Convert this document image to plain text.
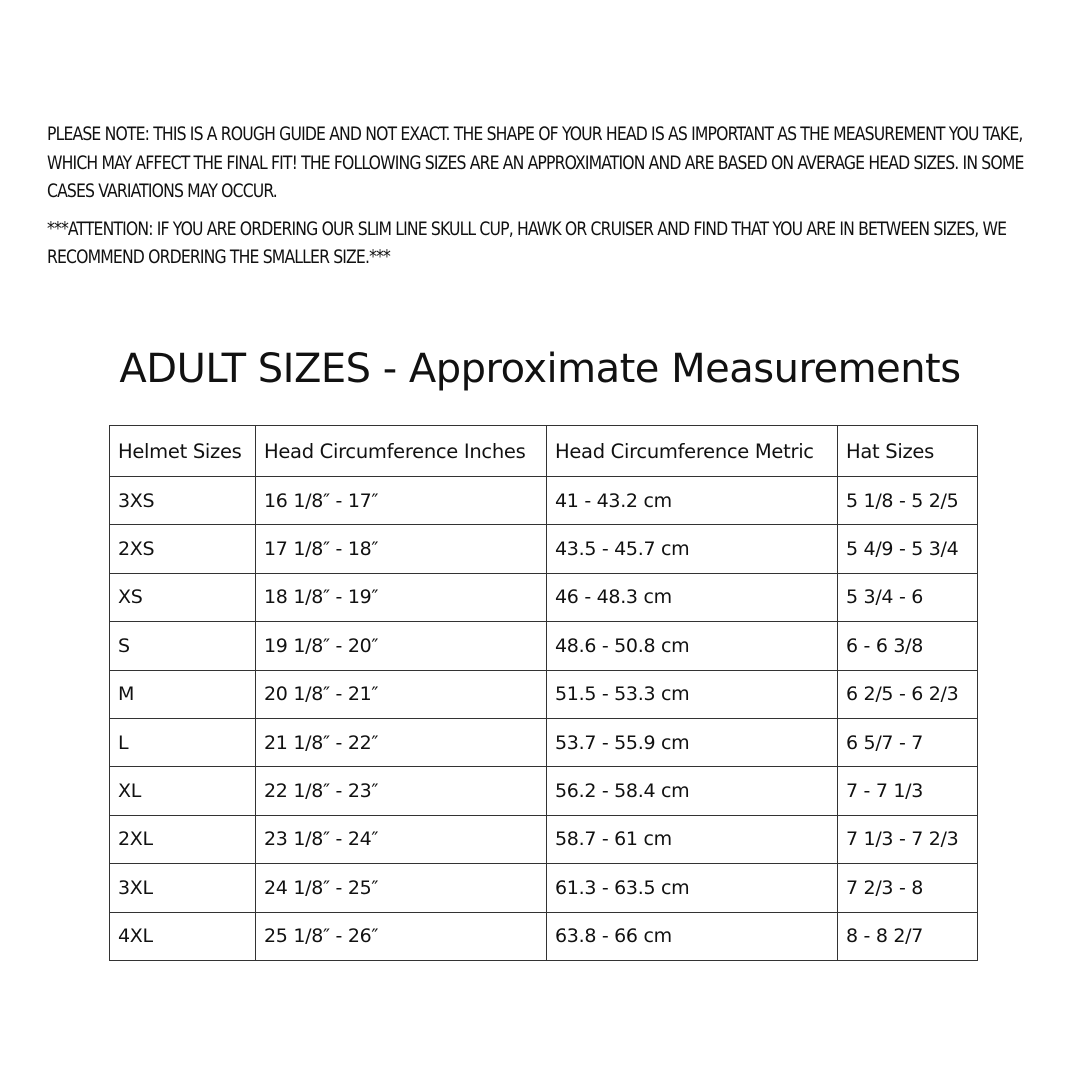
PLEASE NOTE: THIS IS A ROUGH GUIDE AND NOT EXACT. THE SHAPE OF YOUR HEAD IS AS IMPORTANT AS THE MEASUREMENT YOU TAKE, WHICH MAY AFFECT THE FINAL FIT! THE FOLLOWING SIZES ARE AN APPROXIMATION AND ARE BASED ON AVERAGE HEAD SIZES. IN SOME CASES VARIATIONS MAY OCCUR.

***ATTENTION: IF YOU ARE ORDERING OUR SLIM LINE SKULL CUP, HAWK OR CRUISER AND FIND THAT YOU ARE IN BETWEEN SIZES, WE RECOMMEND ORDERING THE SMALLER SIZE.***

ADULT SIZES - Approximate Measurements
Helmet Sizes	Head Circumference Inches	Head Circumference Metric	Hat Sizes
3XS	16 1/8″ - 17″	41 - 43.2 cm	5 1/8 - 5 2/5
2XS	17 1/8″ - 18″	43.5 - 45.7 cm	5 4/9 - 5 3/4
XS	18 1/8″ - 19″	46 - 48.3 cm	5 3/4 - 6
S	19 1/8″ - 20″	48.6 - 50.8 cm	6 - 6 3/8
M	20 1/8″ - 21″	51.5 - 53.3 cm	6 2/5 - 6 2/3
L	21 1/8″ - 22″	53.7 - 55.9 cm	6 5/7 - 7
XL	22 1/8″ - 23″	56.2 - 58.4 cm	7 - 7 1/3
2XL	23 1/8″ - 24″	58.7 - 61 cm	7 1/3 - 7 2/3
3XL	24 1/8″ - 25″	61.3 - 63.5 cm	7 2/3 - 8
4XL	25 1/8″ - 26″	63.8 - 66 cm	8 - 8 2/7
